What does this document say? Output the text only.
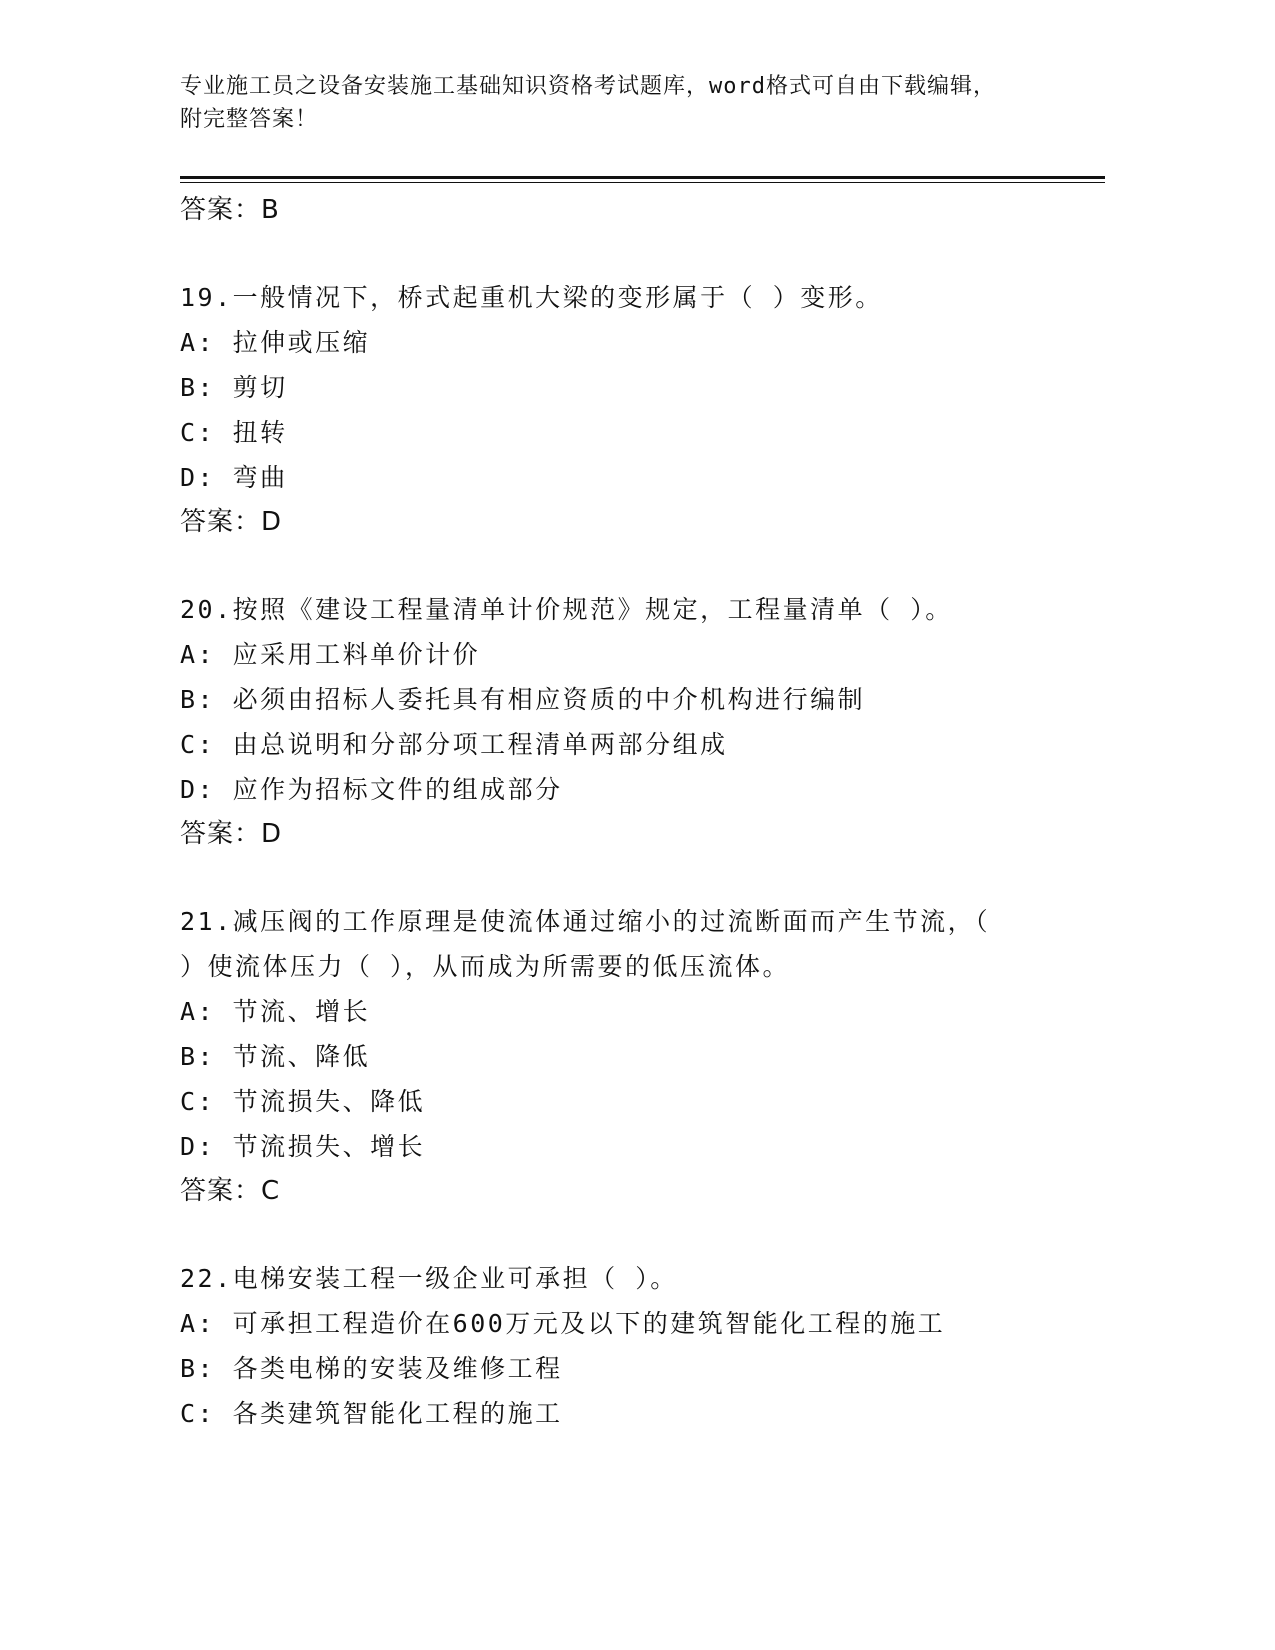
专业施工员之设备安装施工基础知识资格考试题库，word格式可自由下载编辑，
附完整答案！
答案：B
19.一般情况下，桥式起重机大梁的变形属于（ ）变形。
A: 拉伸或压缩
B: 剪切
C: 扭转
D: 弯曲
答案：D
20.按照《建设工程量清单计价规范》规定，工程量清单（ ）。
A: 应采用工料单价计价
B: 必须由招标人委托具有相应资质的中介机构进行编制
C: 由总说明和分部分项工程清单两部分组成
D: 应作为招标文件的组成部分
答案：D
21.减压阀的工作原理是使流体通过缩小的过流断面而产生节流，（
）使流体压力（ ），从而成为所需要的低压流体。
A: 节流、增长
B: 节流、降低
C: 节流损失、降低
D: 节流损失、增长
答案：C
22.电梯安装工程一级企业可承担（ ）。
A: 可承担工程造价在600万元及以下的建筑智能化工程的施工
B: 各类电梯的安装及维修工程
C: 各类建筑智能化工程的施工
